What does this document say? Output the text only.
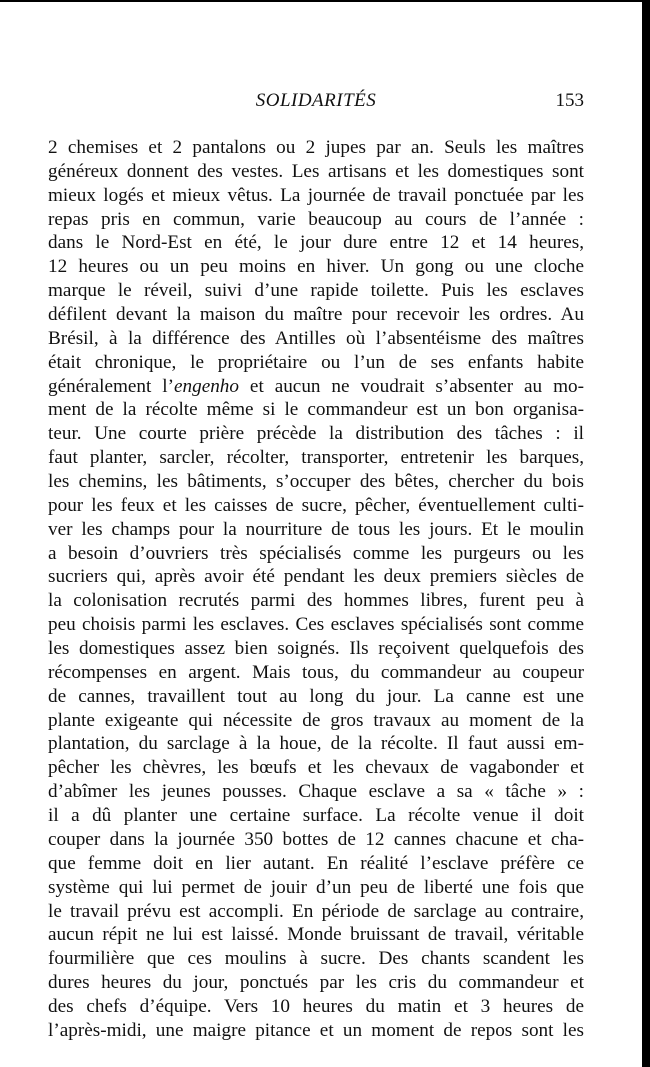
SOLIDARITÉS	153
2 chemises et 2 pantalons ou 2 jupes par an. Seuls les maîtres
généreux donnent des vestes. Les artisans et les domestiques sont
mieux logés et mieux vêtus. La journée de travail ponctuée par les
repas pris en commun, varie beaucoup au cours de l’année :
dans le Nord-Est en été, le jour dure entre 12 et 14 heures,
12 heures ou un peu moins en hiver. Un gong ou une cloche
marque le réveil, suivi d’une rapide toilette. Puis les esclaves
défilent devant la maison du maître pour recevoir les ordres. Au
Brésil, à la différence des Antilles où l’absentéisme des maîtres
était chronique, le propriétaire ou l’un de ses enfants habite
généralement l’engenho et aucun ne voudrait s’absenter au mo-
ment de la récolte même si le commandeur est un bon organisa-
teur. Une courte prière précède la distribution des tâches : il
faut planter, sarcler, récolter, transporter, entretenir les barques,
les chemins, les bâtiments, s’occuper des bêtes, chercher du bois
pour les feux et les caisses de sucre, pêcher, éventuellement culti-
ver les champs pour la nourriture de tous les jours. Et le moulin
a besoin d’ouvriers très spécialisés comme les purgeurs ou les
sucriers qui, après avoir été pendant les deux premiers siècles de
la colonisation recrutés parmi des hommes libres, furent peu à
peu choisis parmi les esclaves. Ces esclaves spécialisés sont comme
les domestiques assez bien soignés. Ils reçoivent quelquefois des
récompenses en argent. Mais tous, du commandeur au coupeur
de cannes, travaillent tout au long du jour. La canne est une
plante exigeante qui nécessite de gros travaux au moment de la
plantation, du sarclage à la houe, de la récolte. Il faut aussi em-
pêcher les chèvres, les bœufs et les chevaux de vagabonder et
d’abîmer les jeunes pousses. Chaque esclave a sa « tâche » :
il a dû planter une certaine surface. La récolte venue il doit
couper dans la journée 350 bottes de 12 cannes chacune et cha-
que femme doit en lier autant. En réalité l’esclave préfère ce
système qui lui permet de jouir d’un peu de liberté une fois que
le travail prévu est accompli. En période de sarclage au contraire,
aucun répit ne lui est laissé. Monde bruissant de travail, véritable
fourmilière que ces moulins à sucre. Des chants scandent les
dures heures du jour, ponctués par les cris du commandeur et
des chefs d’équipe. Vers 10 heures du matin et 3 heures de
l’après-midi, une maigre pitance et un moment de repos sont les
